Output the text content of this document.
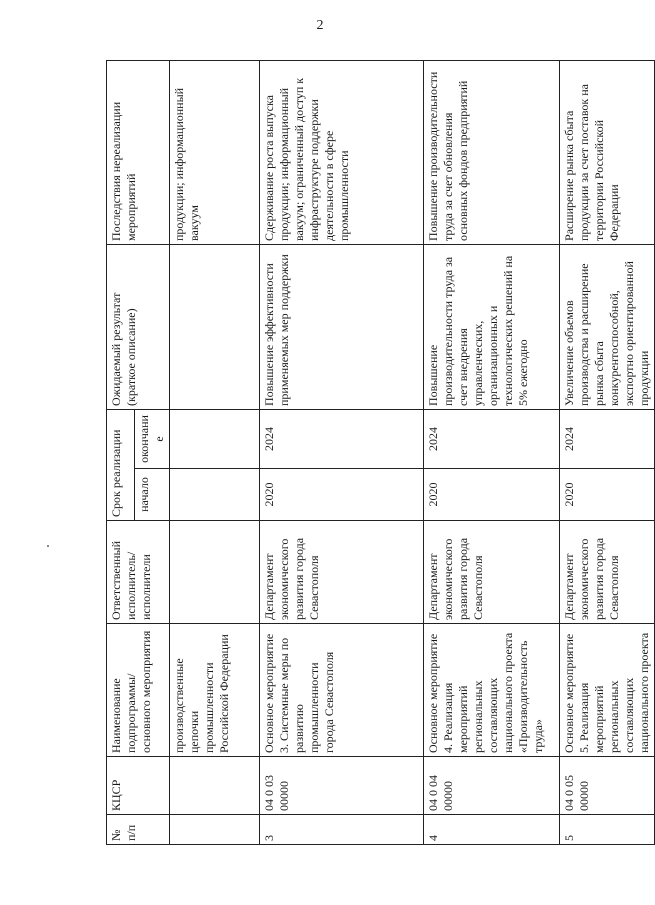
2
№ п/п	КЦСР	Наименование подпрограммы/ основного мероприятия	Ответственный исполнитель/ исполнители	Срок реализации		Ожидаемый результат (краткое описание)	Последствия нереализации мероприятий
				начало	окончание		
		производственные цепочки промышленности Российской Федерации					продукции; информационный вакуум
3	04 0 03 00000	Основное мероприятие 3. Системные меры по развитию промышленности города Севастополя	Департамент экономического развития города Севастополя	2020	2024	Повышение эффективности применяемых мер поддержки	Сдерживание роста выпуска продукции; информационный вакуум; ограниченный доступ к инфраструктуре поддержки деятельности в сфере промышленности
4	04 0 04 00000	Основное мероприятие 4. Реализация мероприятий региональных составляющих национального проекта «Производительность труда»	Департамент экономического развития города Севастополя	2020	2024	Повышение производительности труда за счет внедрения управленческих, организационных и технологических решений на 5% ежегодно	Повышение производительности труда за счет обновления основных фондов предприятий
5	04 0 05 00000	Основное мероприятие 5. Реализация мероприятий региональных составляющих национального проекта	Департамент экономического развития города Севастополя	2020	2024	Увеличение объемов производства и расширение рынка сбыта конкурентоспособной, экспортно ориентированной продукции	Расширение рынка сбыта продукции за счет поставок на территории Российской Федерации
